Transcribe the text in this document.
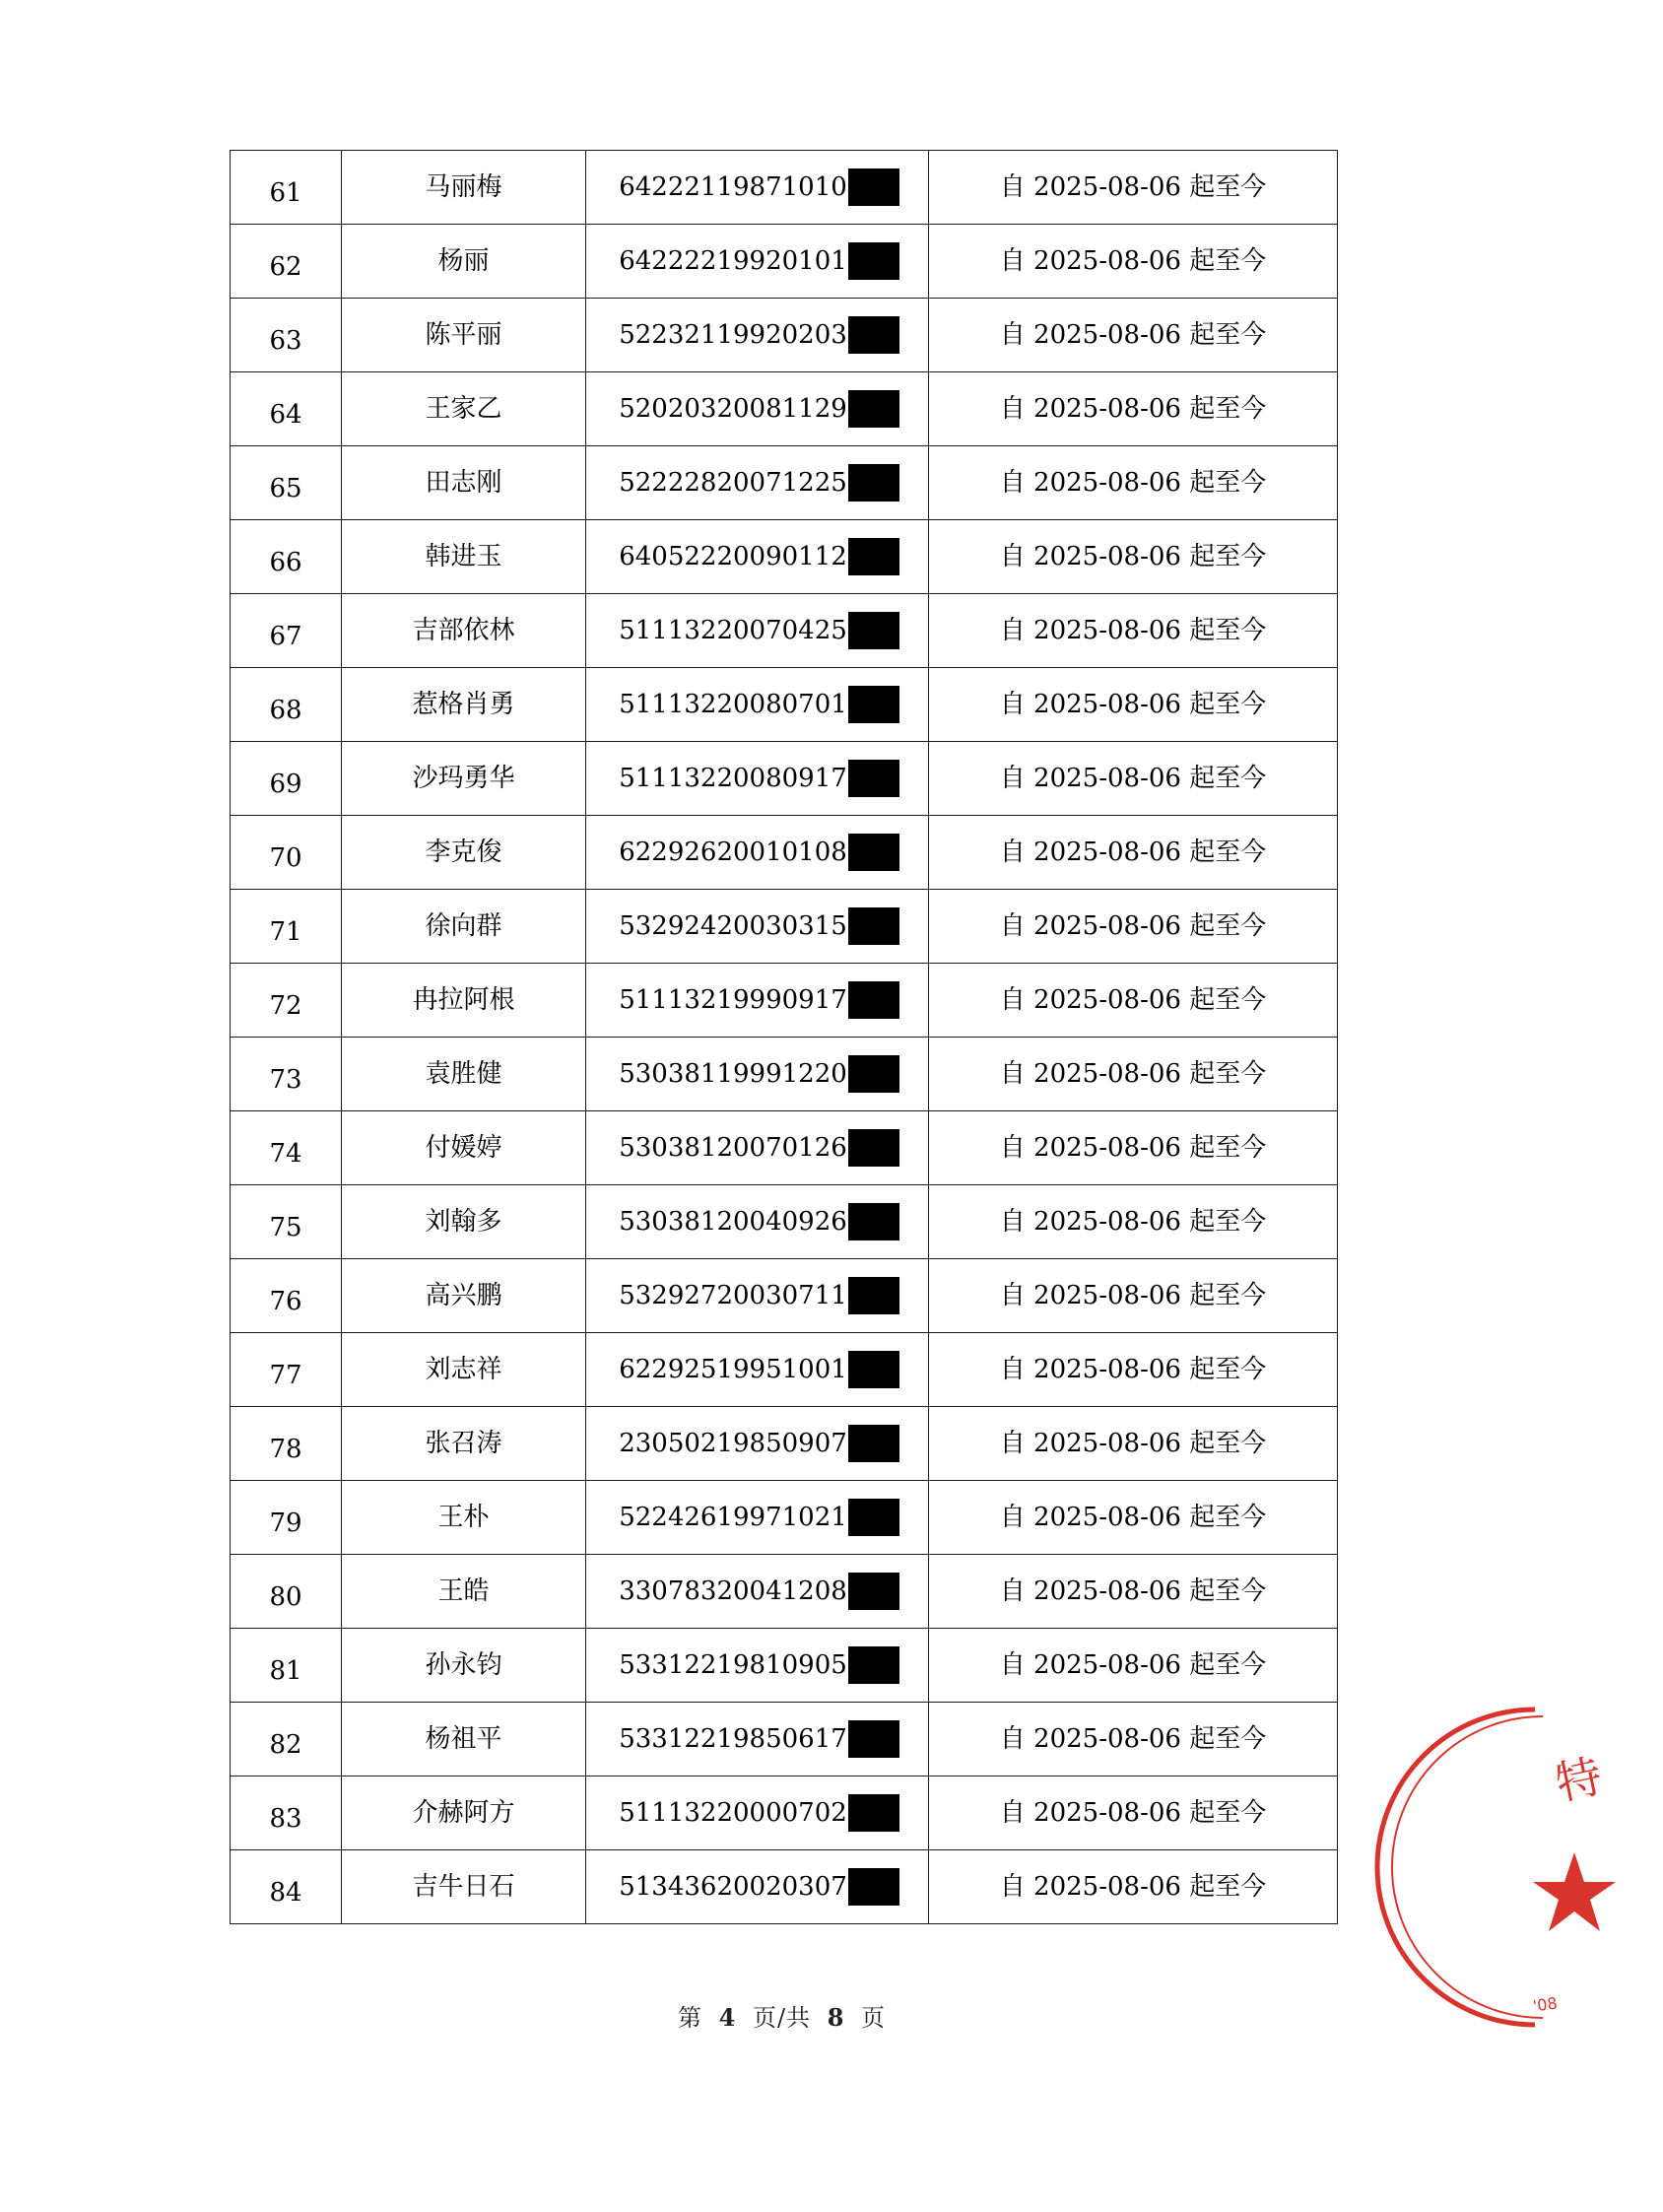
61	马丽梅	64222119871010	自 2025-08-06 起至今
62	杨丽	64222219920101	自 2025-08-06 起至今
63	陈平丽	52232119920203	自 2025-08-06 起至今
64	王家乙	52020320081129	自 2025-08-06 起至今
65	田志刚	52222820071225	自 2025-08-06 起至今
66	韩进玉	64052220090112	自 2025-08-06 起至今
67	吉部依林	51113220070425	自 2025-08-06 起至今
68	惹格肖勇	51113220080701	自 2025-08-06 起至今
69	沙玛勇华	51113220080917	自 2025-08-06 起至今
70	李克俊	62292620010108	自 2025-08-06 起至今
71	徐向群	53292420030315	自 2025-08-06 起至今
72	冉拉阿根	51113219990917	自 2025-08-06 起至今
73	袁胜健	53038119991220	自 2025-08-06 起至今
74	付媛婷	53038120070126	自 2025-08-06 起至今
75	刘翰多	53038120040926	自 2025-08-06 起至今
76	高兴鹏	53292720030711	自 2025-08-06 起至今
77	刘志祥	62292519951001	自 2025-08-06 起至今
78	张召涛	23050219850907	自 2025-08-06 起至今
79	王朴	52242619971021	自 2025-08-06 起至今
80	王皓	33078320041208	自 2025-08-06 起至今
81	孙永钧	53312219810905	自 2025-08-06 起至今
82	杨祖平	53312219850617	自 2025-08-06 起至今
83	介赫阿方	51113220000702	自 2025-08-06 起至今
84	吉牛日石	51343620020307	自 2025-08-06 起至今
第 4 页/共 8 页
特
'08
